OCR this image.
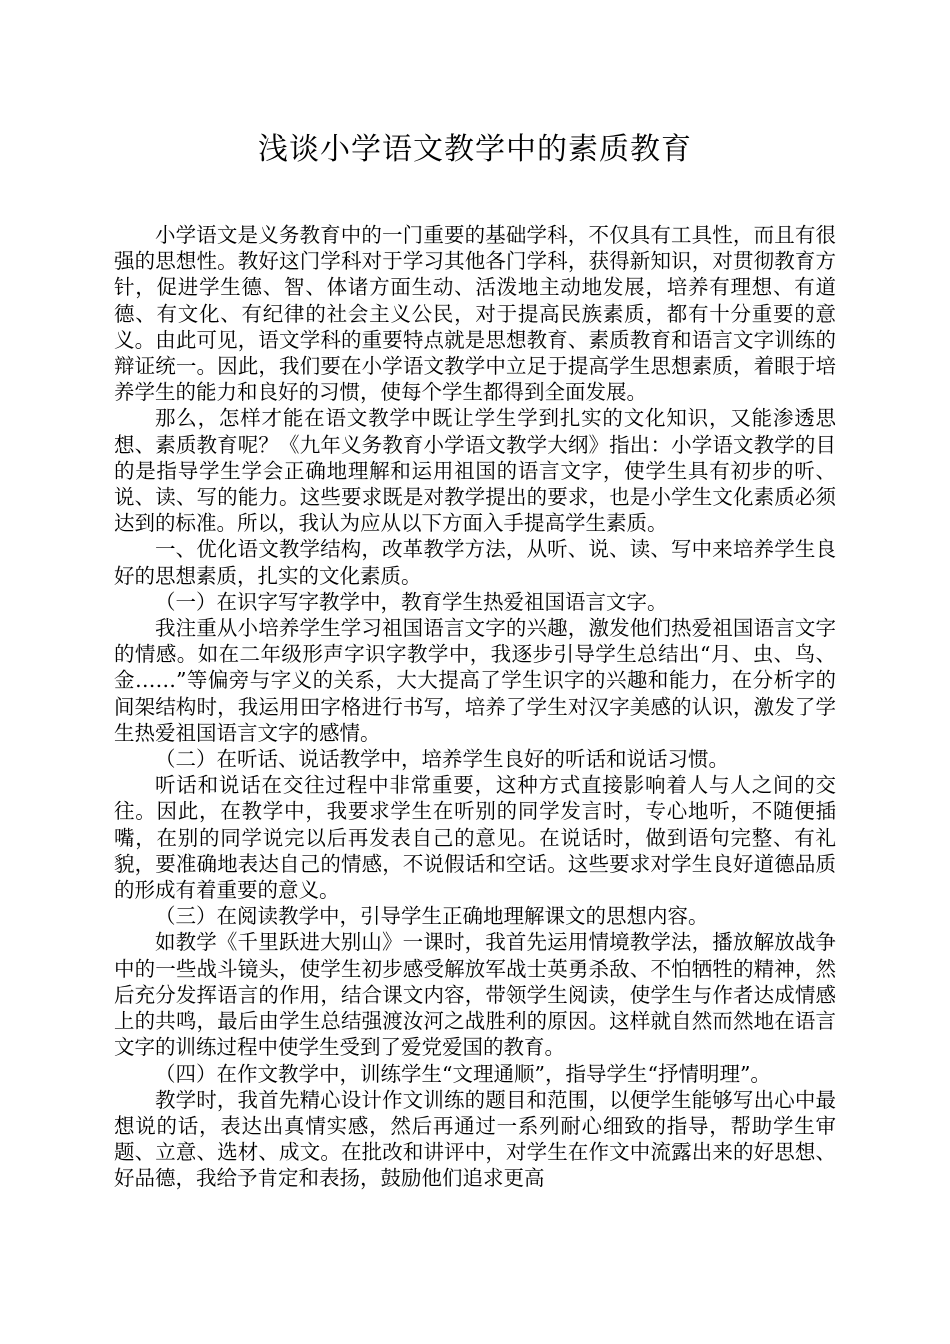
浅谈小学语文教学中的素质教育

小学语文是义务教育中的一门重要的基础学科，不仅具有工具性，而且有很强的思想性。教好这门学科对于学习其他各门学科，获得新知识，对贯彻教育方针，促进学生德、智、体诸方面生动、活泼地主动地发展，培养有理想、有道德、有文化、有纪律的社会主义公民，对于提高民族素质，都有十分重要的意义。由此可见，语文学科的重要特点就是思想教育、素质教育和语言文字训练的辩证统一。因此，我们要在小学语文教学中立足于提高学生思想素质，着眼于培养学生的能力和良好的习惯，使每个学生都得到全面发展。

那么，怎样才能在语文教学中既让学生学到扎实的文化知识，又能渗透思想、素质教育呢？《九年义务教育小学语文教学大纲》指出：小学语文教学的目的是指导学生学会正确地理解和运用祖国的语言文字，使学生具有初步的听、说、读、写的能力。这些要求既是对教学提出的要求，也是小学生文化素质必须达到的标准。所以，我认为应从以下方面入手提高学生素质。

一、优化语文教学结构，改革教学方法，从听、说、读、写中来培养学生良好的思想素质，扎实的文化素质。

（一）在识字写字教学中，教育学生热爱祖国语言文字。

我注重从小培养学生学习祖国语言文字的兴趣，激发他们热爱祖国语言文字的情感。如在二年级形声字识字教学中，我逐步引导学生总结出“月、虫、鸟、金……”等偏旁与字义的关系，大大提高了学生识字的兴趣和能力，在分析字的间架结构时，我运用田字格进行书写，培养了学生对汉字美感的认识，激发了学生热爱祖国语言文字的感情。

（二）在听话、说话教学中，培养学生良好的听话和说话习惯。

听话和说话在交往过程中非常重要，这种方式直接影响着人与人之间的交往。因此，在教学中，我要求学生在听别的同学发言时，专心地听，不随便插嘴，在别的同学说完以后再发表自己的意见。在说话时，做到语句完整、有礼貌，要准确地表达自己的情感，不说假话和空话。这些要求对学生良好道德品质的形成有着重要的意义。

（三）在阅读教学中，引导学生正确地理解课文的思想内容。

如教学《千里跃进大别山》一课时，我首先运用情境教学法，播放解放战争中的一些战斗镜头，使学生初步感受解放军战士英勇杀敌、不怕牺牲的精神，然后充分发挥语言的作用，结合课文内容，带领学生阅读，使学生与作者达成情感上的共鸣，最后由学生总结强渡汝河之战胜利的原因。这样就自然而然地在语言文字的训练过程中使学生受到了爱党爱国的教育。

（四）在作文教学中，训练学生“文理通顺”，指导学生“抒情明理”。

教学时，我首先精心设计作文训练的题目和范围，以便学生能够写出心中最想说的话，表达出真情实感，然后再通过一系列耐心细致的指导，帮助学生审题、立意、选材、成文。在批改和讲评中，对学生在作文中流露出来的好思想、好品德，我给予肯定和表扬，鼓励他们追求更高
